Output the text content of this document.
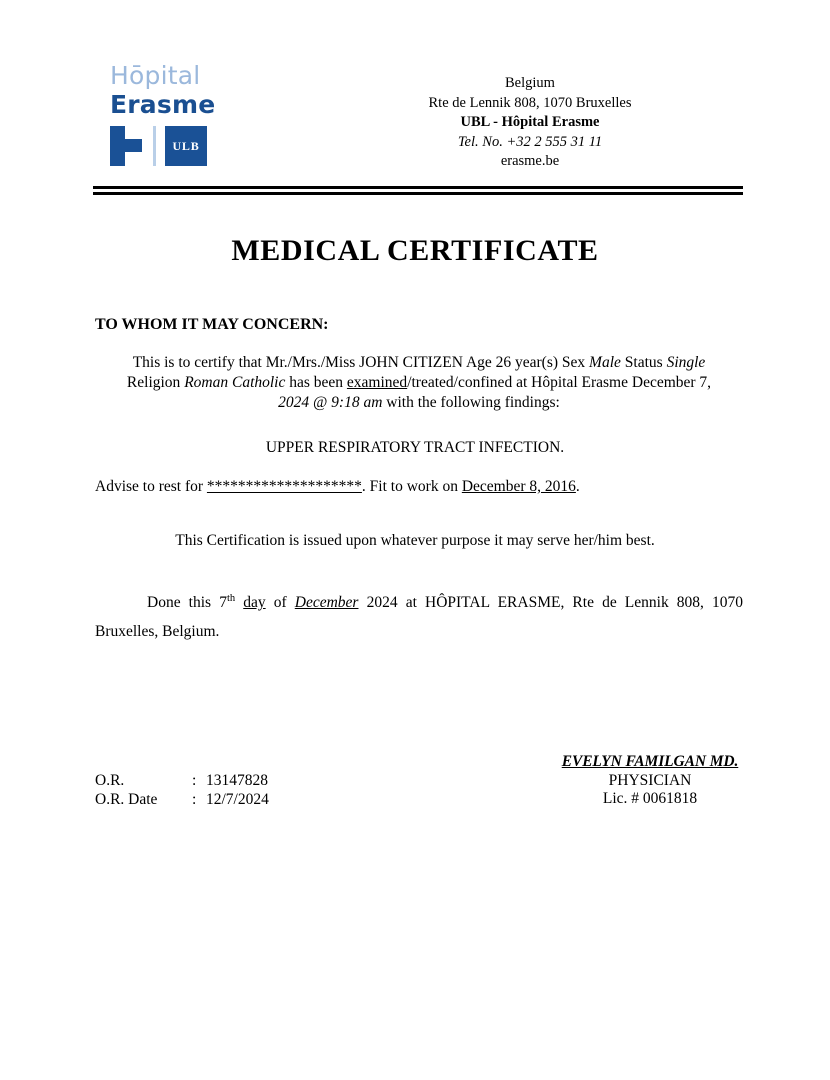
Hōpital
Erasme
ULB
Belgium
Rte de Lennik 808, 1070 Bruxelles
UBL - Hôpital Erasme
Tel. No. +32 2 555 31 11
erasme.be
MEDICAL CERTIFICATE
TO WHOM IT MAY CONCERN:
This is to certify that Mr./Mrs./Miss JOHN CITIZEN Age 26 year(s) Sex Male Status Single
Religion Roman Catholic has been examined/treated/confined at Hôpital Erasme December 7,
2024 @ 9:18 am with the following findings:
UPPER RESPIRATORY TRACT INFECTION.
Advise to rest for ********************. Fit to work on December 8, 2016.
This Certification is issued upon whatever purpose it may serve her/him best.
Done this 7th day of December 2024 at HÔPITAL ERASME, Rte de Lennik 808, 1070 Bruxelles, Belgium.
O.R.	: 13147828
O.R. Date	: 12/7/2024
EVELYN FAMILGAN MD.
PHYSICIAN
Lic. # 0061818
